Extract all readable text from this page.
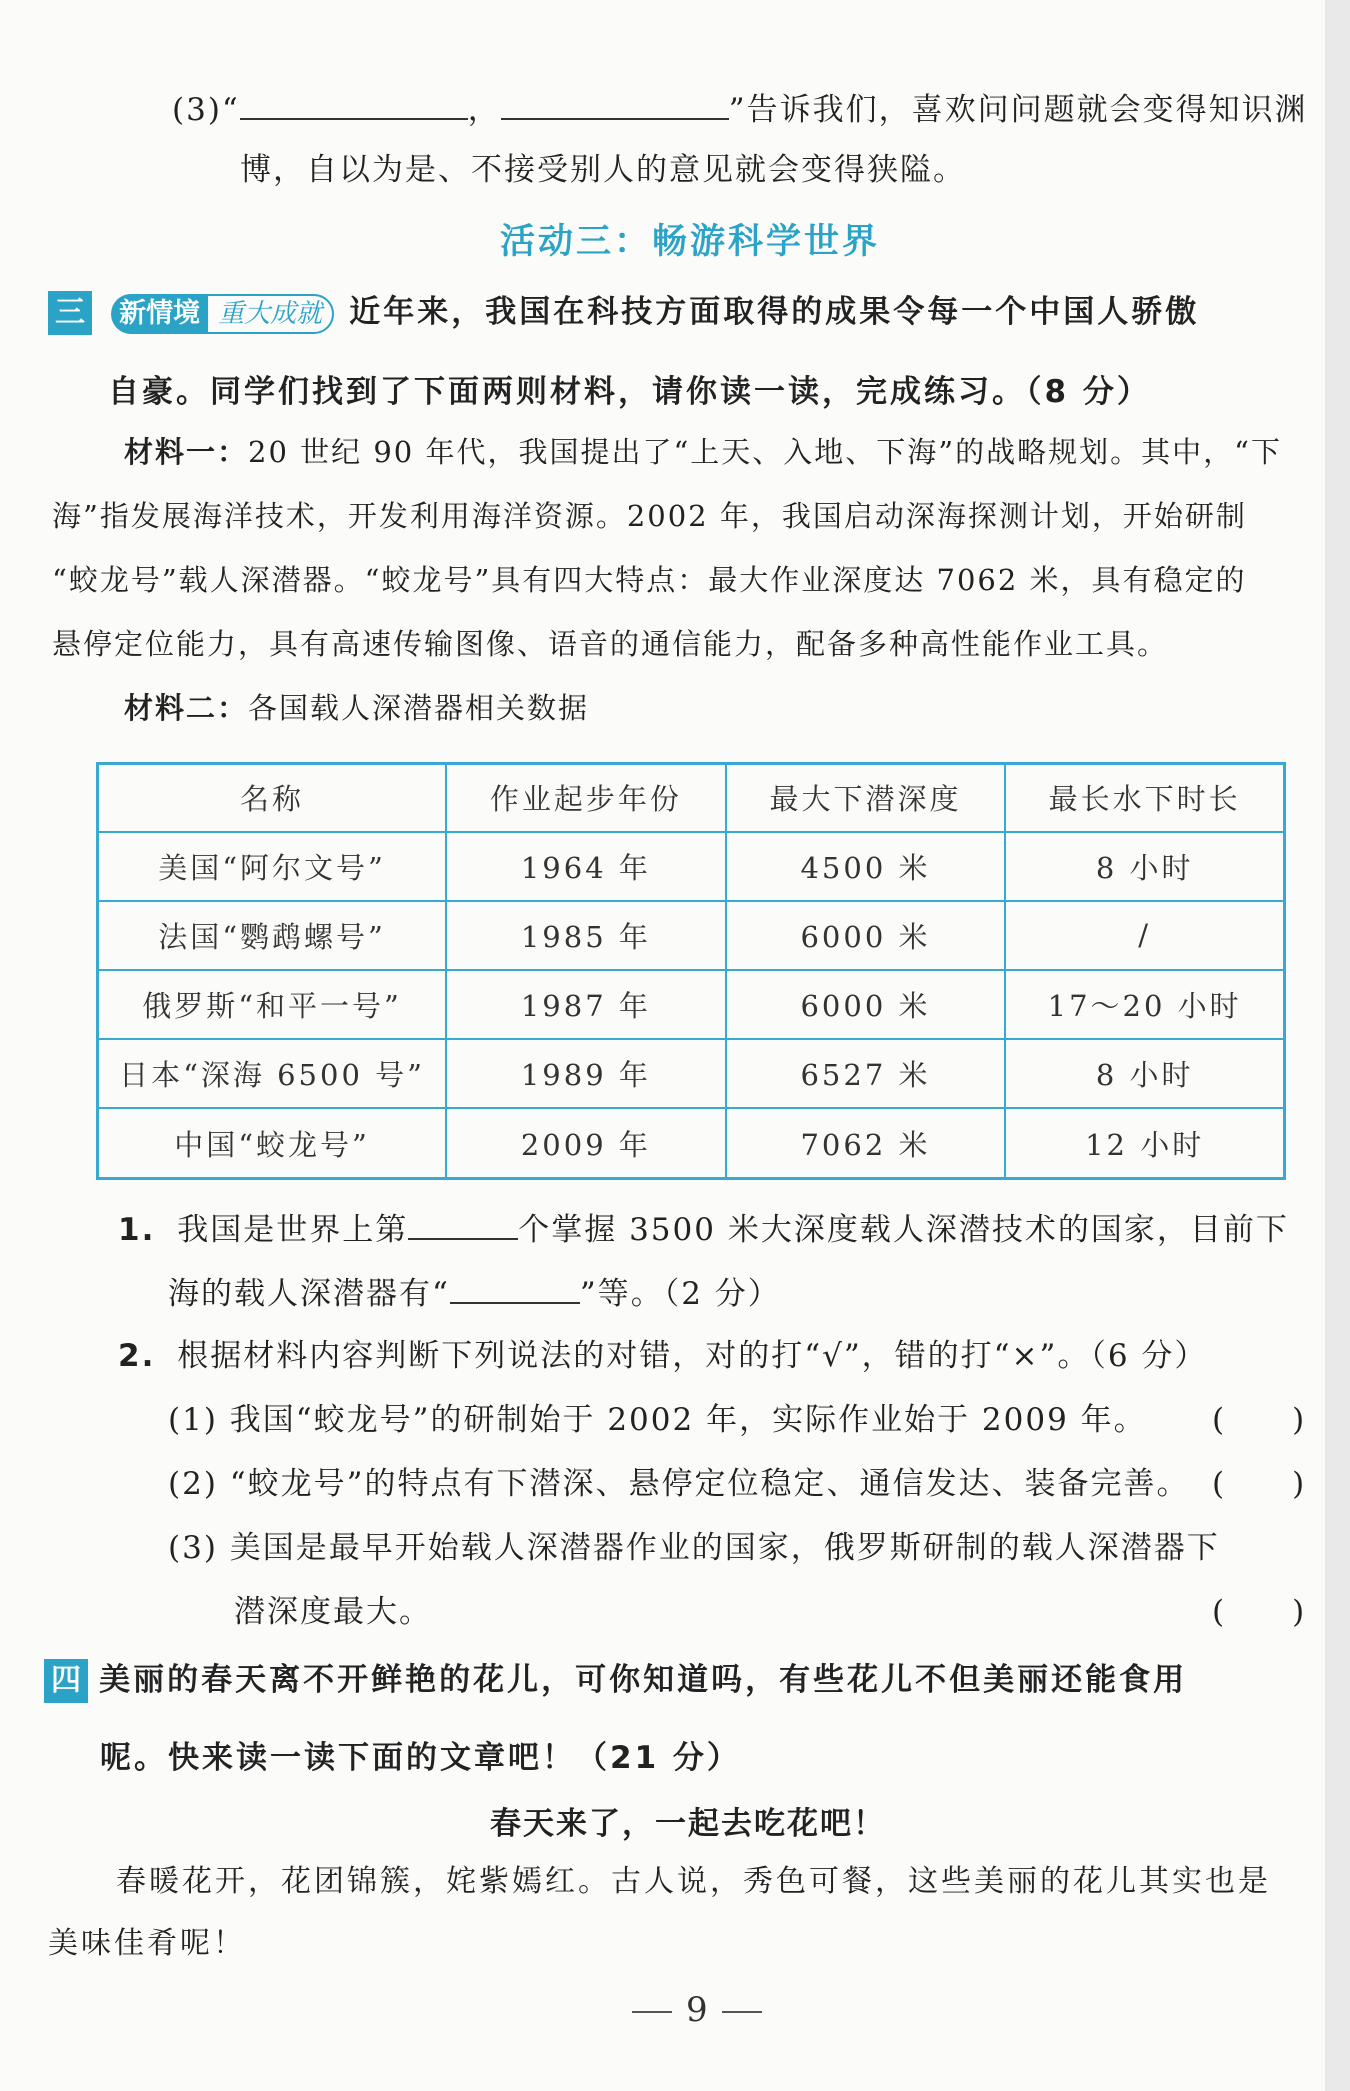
(3)“	，	”告诉我们，喜欢问问题就会变得知识渊
博，自以为是、不接受别人的意见就会变得狭隘。
活动三：畅游科学世界
三 新情境 重大成就 近年来，我国在科技方面取得的成果令每一个中国人骄傲
自豪。同学们找到了下面两则材料，请你读一读，完成练习。（8 分）
材料一：20 世纪 90 年代，我国提出了“上天、入地、下海”的战略规划。其中，“下
海”指发展海洋技术，开发利用海洋资源。2002 年，我国启动深海探测计划，开始研制
“蛟龙号”载人深潜器。“蛟龙号”具有四大特点：最大作业深度达 7062 米，具有稳定的
悬停定位能力，具有高速传输图像、语音的通信能力，配备多种高性能作业工具。
材料二：各国载人深潜器相关数据
名称	作业起步年份	最大下潜深度	最长水下时长
美国“阿尔文号”	1964 年	4500 米	8 小时
法国“鹦鹉螺号”	1985 年	6000 米	/
俄罗斯“和平一号”	1987 年	6000 米	17～20 小时
日本“深海 6500 号”	1989 年	6527 米	8 小时
中国“蛟龙号”	2009 年	7062 米	12 小时
1. 我国是世界上第	个掌握 3500 米大深度载人深潜技术的国家，目前下
海的载人深潜器有“	”等。（2 分）
2. 根据材料内容判断下列说法的对错，对的打“√”，错的打“×”。（6 分）
(1) 我国“蛟龙号”的研制始于 2002 年，实际作业始于 2009 年。 (　　)
(2) “蛟龙号”的特点有下潜深、悬停定位稳定、通信发达、装备完善。 (　　)
(3) 美国是最早开始载人深潜器作业的国家，俄罗斯研制的载人深潜器下
潜深度最大。	(　　)
四 美丽的春天离不开鲜艳的花儿，可你知道吗，有些花儿不但美丽还能食用
呢。快来读一读下面的文章吧！（21 分）
春天来了，一起去吃花吧！
春暖花开，花团锦簇，姹紫嫣红。古人说，秀色可餐，这些美丽的花儿其实也是
美味佳肴呢！
9
